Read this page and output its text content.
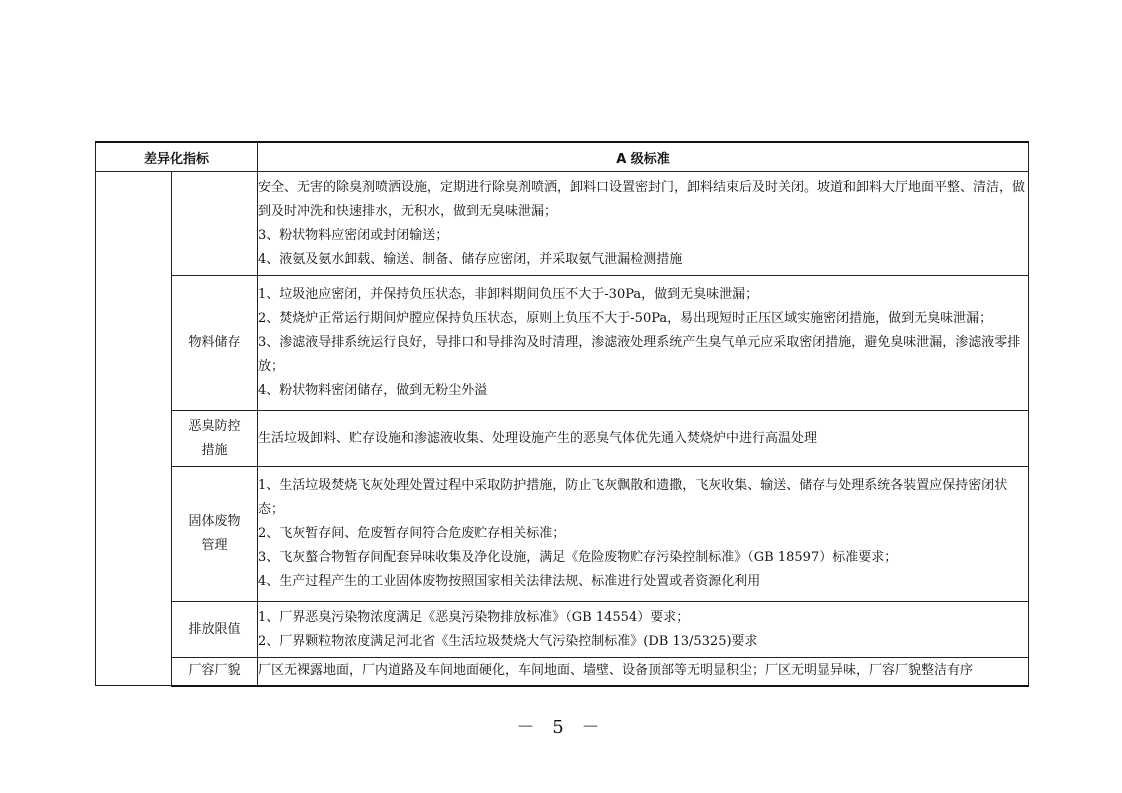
差异化指标		A 级标准

		安全、无害的除臭剂喷洒设施，定期进行除臭剂喷洒，卸料口设置密封门，卸料结束后及时关闭。坡道和卸料大厅地面平整、清洁，做到及时冲洗和快速排水，无积水，做到无臭味泄漏；
3、粉状物料应密闭或封闭输送；
4、液氨及氨水卸载、输送、制备、储存应密闭，并采取氨气泄漏检测措施

	物料储存	1、垃圾池应密闭，并保持负压状态，非卸料期间负压不大于-30Pa，做到无臭味泄漏；
2、焚烧炉正常运行期间炉膛应保持负压状态，原则上负压不大于-50Pa，易出现短时正压区域实施密闭措施，做到无臭味泄漏；
3、渗滤液导排系统运行良好，导排口和导排沟及时清理，渗滤液处理系统产生臭气单元应采取密闭措施，避免臭味泄漏，渗滤液零排放；
4、粉状物料密闭储存，做到无粉尘外溢

	恶臭防控
措施	生活垃圾卸料、贮存设施和渗滤液收集、处理设施产生的恶臭气体优先通入焚烧炉中进行高温处理

	固体废物
管理	1、生活垃圾焚烧飞灰处理处置过程中采取防护措施，防止飞灰飘散和遗撒，飞灰收集、输送、储存与处理系统各装置应保持密闭状态；
2、飞灰暂存间、危废暂存间符合危废贮存相关标准；
3、飞灰螯合物暂存间配套异味收集及净化设施，满足《危险废物贮存污染控制标准》（GB 18597）标准要求；
4、生产过程产生的工业固体废物按照国家相关法律法规、标准进行处置或者资源化利用

	排放限值	1、厂界恶臭污染物浓度满足《恶臭污染物排放标准》（GB 14554）要求；
2、厂界颗粒物浓度满足河北省《生活垃圾焚烧大气污染控制标准》(DB 13/5325)要求

	厂容厂貌	厂区无裸露地面，厂内道路及车间地面硬化，车间地面、墙壁、设备顶部等无明显积尘；厂区无明显异味，厂容厂貌整洁有序
－ 5 －
